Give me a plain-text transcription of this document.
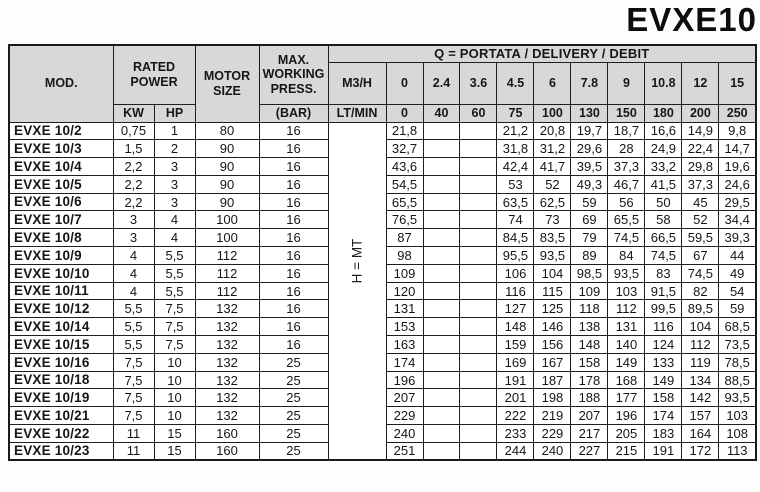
EVXE10
MOD.	RATED POWER		MOTOR SIZE	MAX. WORKING PRESS.	Q = PORTATA / DELIVERY / DEBIT										
					M3/H	0	2.4	3.6	4.5	6	7.8	9	10.8	12	15
	KW	HP		(BAR)	LT/MIN	0	40	60	75	100	130	150	180	200	250
EVXE 10/2	0,75	1	80	16	H = MT	21,8			21,2	20,8	19,7	18,7	16,6	14,9	9,8
EVXE 10/3	1,5	2	90	16		32,7			31,8	31,2	29,6	28	24,9	22,4	14,7
EVXE 10/4	2,2	3	90	16		43,6			42,4	41,7	39,5	37,3	33,2	29,8	19,6
EVXE 10/5	2,2	3	90	16		54,5			53	52	49,3	46,7	41,5	37,3	24,6
EVXE 10/6	2,2	3	90	16		65,5			63,5	62,5	59	56	50	45	29,5
EVXE 10/7	3	4	100	16		76,5			74	73	69	65,5	58	52	34,4
EVXE 10/8	3	4	100	16		87			84,5	83,5	79	74,5	66,5	59,5	39,3
EVXE 10/9	4	5,5	112	16		98			95,5	93,5	89	84	74,5	67	44
EVXE 10/10	4	5,5	112	16		109			106	104	98,5	93,5	83	74,5	49
EVXE 10/11	4	5,5	112	16		120			116	115	109	103	91,5	82	54
EVXE 10/12	5,5	7,5	132	16		131			127	125	118	112	99,5	89,5	59
EVXE 10/14	5,5	7,5	132	16		153			148	146	138	131	116	104	68,5
EVXE 10/15	5,5	7,5	132	16		163			159	156	148	140	124	112	73,5
EVXE 10/16	7,5	10	132	25		174			169	167	158	149	133	119	78,5
EVXE 10/18	7,5	10	132	25		196			191	187	178	168	149	134	88,5
EVXE 10/19	7,5	10	132	25		207			201	198	188	177	158	142	93,5
EVXE 10/21	7,5	10	132	25		229			222	219	207	196	174	157	103
EVXE 10/22	11	15	160	25		240			233	229	217	205	183	164	108
EVXE 10/23	11	15	160	25		251			244	240	227	215	191	172	113
